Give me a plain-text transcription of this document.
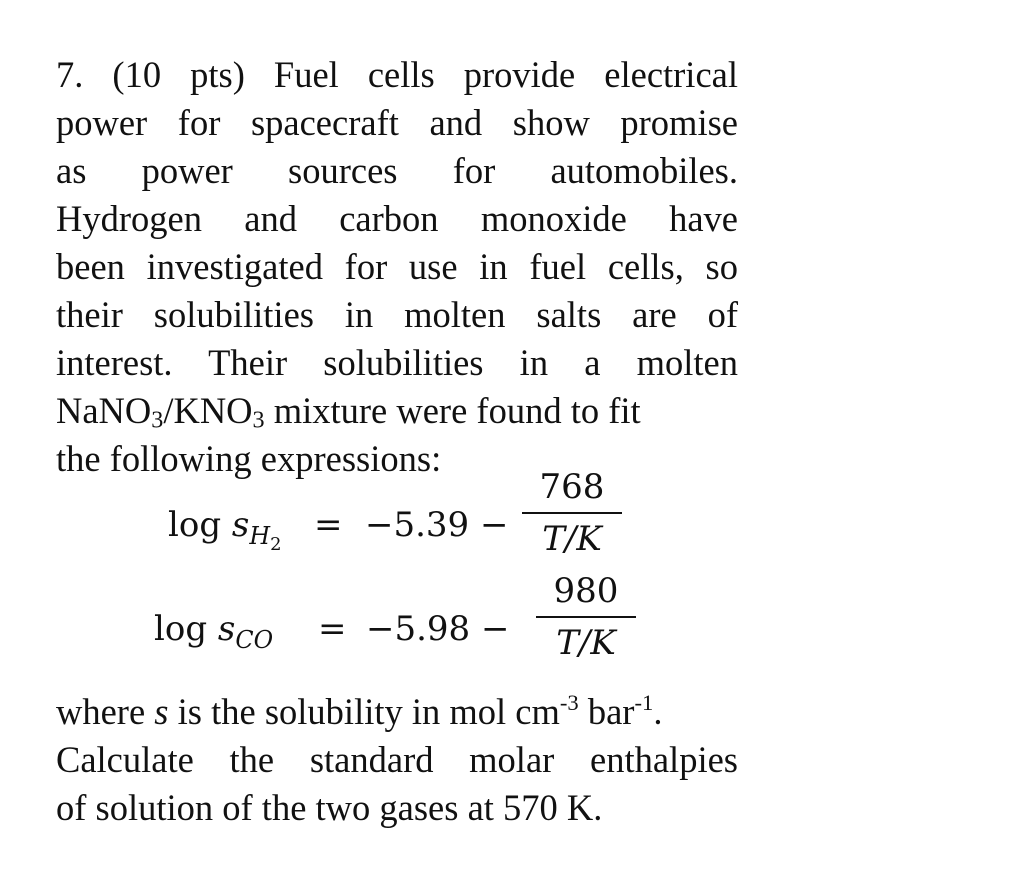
7. (10 pts) Fuel cells provide electrical
power for spacecraft and show promise
as power sources for automobiles.
Hydrogen and carbon monoxide have
been investigated for use in fuel cells, so
their solubilities in molten salts are of
interest. Their solubilities in a molten
$NaNO_3/KNO_3$ mixture were found to fit
the following expressions:
$\log s_{H_2} = -5.39$ −
768
T/K
$\log s_{CO} = -5.98$ −
980
T/K
where s is the solubility in mol $cm^{-3}$ bar$^{-1}$.
Calculate the standard molar enthalpies
of solution of the two gases at 570 K.
